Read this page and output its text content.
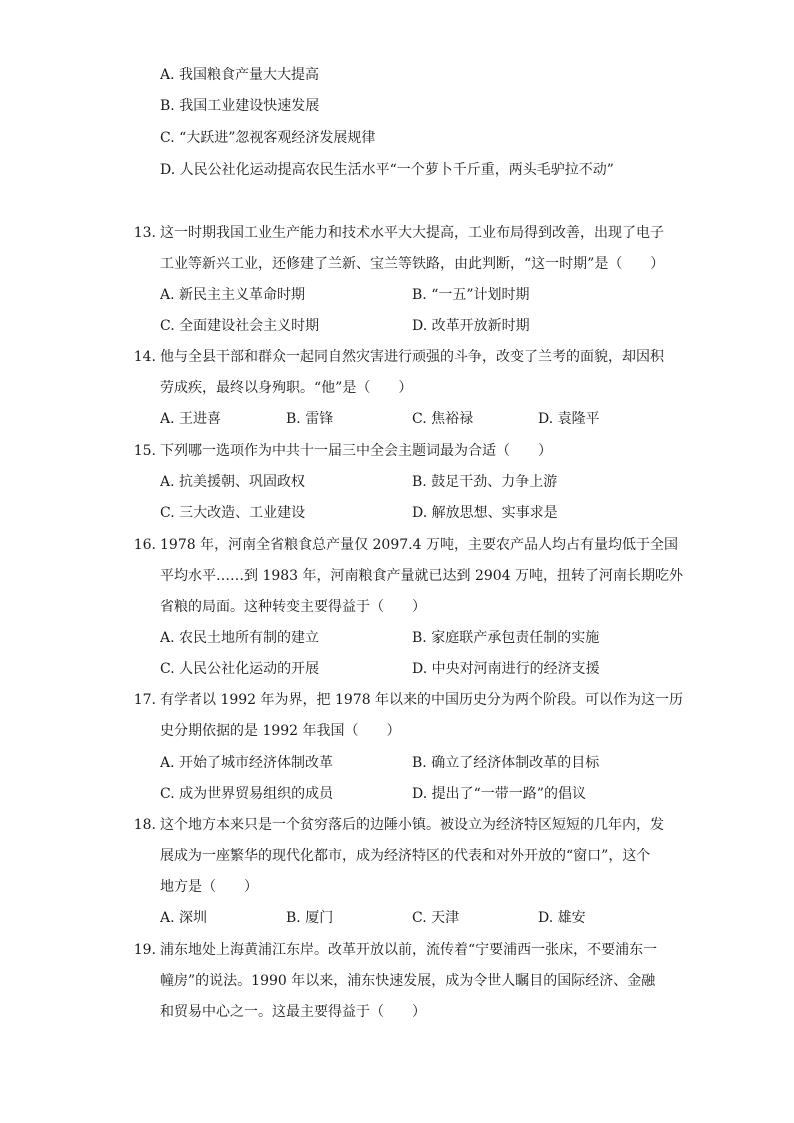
A. 我国粮食产量大大提高
B. 我国工业建设快速发展
C. “大跃进”忽视客观经济发展规律
D. 人民公社化运动提高农民生活水平“一个萝卜千斤重，两头毛驴拉不动”
13. 这一时期我国工业生产能力和技术水平大大提高，工业布局得到改善，出现了电子
工业等新兴工业，还修建了兰新、宝兰等铁路，由此判断，“这一时期”是（　　）
A. 新民主主义革命时期	B. “一五”计划时期
C. 全面建设社会主义时期	D. 改革开放新时期
14. 他与全县干部和群众一起同自然灾害进行顽强的斗争，改变了兰考的面貌，却因积
劳成疾，最终以身殉职。“他”是（　　）
A. 王进喜	B. 雷锋	C. 焦裕禄	D. 袁隆平
15. 下列哪一选项作为中共十一届三中全会主题词最为合适（　　）
A. 抗美援朝、巩固政权	B. 鼓足干劲、力争上游
C. 三大改造、工业建设	D. 解放思想、实事求是
16. 1978 年，河南全省粮食总产量仅 2097.4 万吨，主要农产品人均占有量均低于全国
平均水平……到 1983 年，河南粮食产量就已达到 2904 万吨，扭转了河南长期吃外
省粮的局面。这种转变主要得益于（　　）
A. 农民土地所有制的建立	B. 家庭联产承包责任制的实施
C. 人民公社化运动的开展	D. 中央对河南进行的经济支援
17. 有学者以 1992 年为界，把 1978 年以来的中国历史分为两个阶段。可以作为这一历
史分期依据的是 1992 年我国（　　）
A. 开始了城市经济体制改革	B. 确立了经济体制改革的目标
C. 成为世界贸易组织的成员	D. 提出了“一带一路”的倡议
18. 这个地方本来只是一个贫穷落后的边陲小镇。被设立为经济特区短短的几年内，发
展成为一座繁华的现代化都市，成为经济特区的代表和对外开放的“窗口”，这个
地方是（　　）
A. 深圳	B. 厦门	C. 天津	D. 雄安
19. 浦东地处上海黄浦江东岸。改革开放以前，流传着“宁要浦西一张床，不要浦东一
幢房”的说法。1990 年以来，浦东快速发展，成为令世人瞩目的国际经济、金融
和贸易中心之一。这最主要得益于（　　）
